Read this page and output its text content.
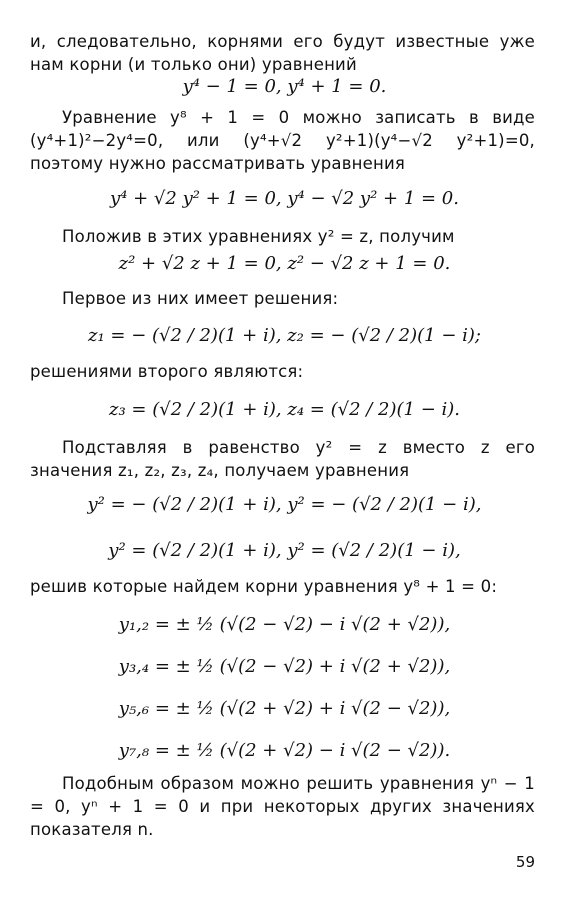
и, следовательно, корнями его будут известные уже нам корни (и только они) уравнений
y⁴ − 1 = 0, y⁴ + 1 = 0.
Уравнение y⁸ + 1 = 0 можно записать в виде (y⁴+1)²−2y⁴=0, или (y⁴+√2 y²+1)(y⁴−√2 y²+1)=0, поэтому нужно рассматривать уравнения
y⁴ + √2 y² + 1 = 0, y⁴ − √2 y² + 1 = 0.
Положив в этих уравнениях y² = z, получим
z² + √2 z + 1 = 0, z² − √2 z + 1 = 0.
Первое из них имеет решения:
z₁ = − (√2 / 2)(1 + i), z₂ = − (√2 / 2)(1 − i);
решениями второго являются:
z₃ = (√2 / 2)(1 + i), z₄ = (√2 / 2)(1 − i).
Подставляя в равенство y² = z вместо z его значения z₁, z₂, z₃, z₄, получаем уравнения
y² = − (√2 / 2)(1 + i), y² = − (√2 / 2)(1 − i),
y² = (√2 / 2)(1 + i), y² = (√2 / 2)(1 − i),
решив которые найдем корни уравнения y⁸ + 1 = 0:
y₁,₂ = ± ½ (√(2 − √2) − i √(2 + √2)),
y₃,₄ = ± ½ (√(2 − √2) + i √(2 + √2)),
y₅,₆ = ± ½ (√(2 + √2) + i √(2 − √2)),
y₇,₈ = ± ½ (√(2 + √2) − i √(2 − √2)).
Подобным образом можно решить уравнения yⁿ − 1 = 0, yⁿ + 1 = 0 и при некоторых других значениях показателя n.
59
